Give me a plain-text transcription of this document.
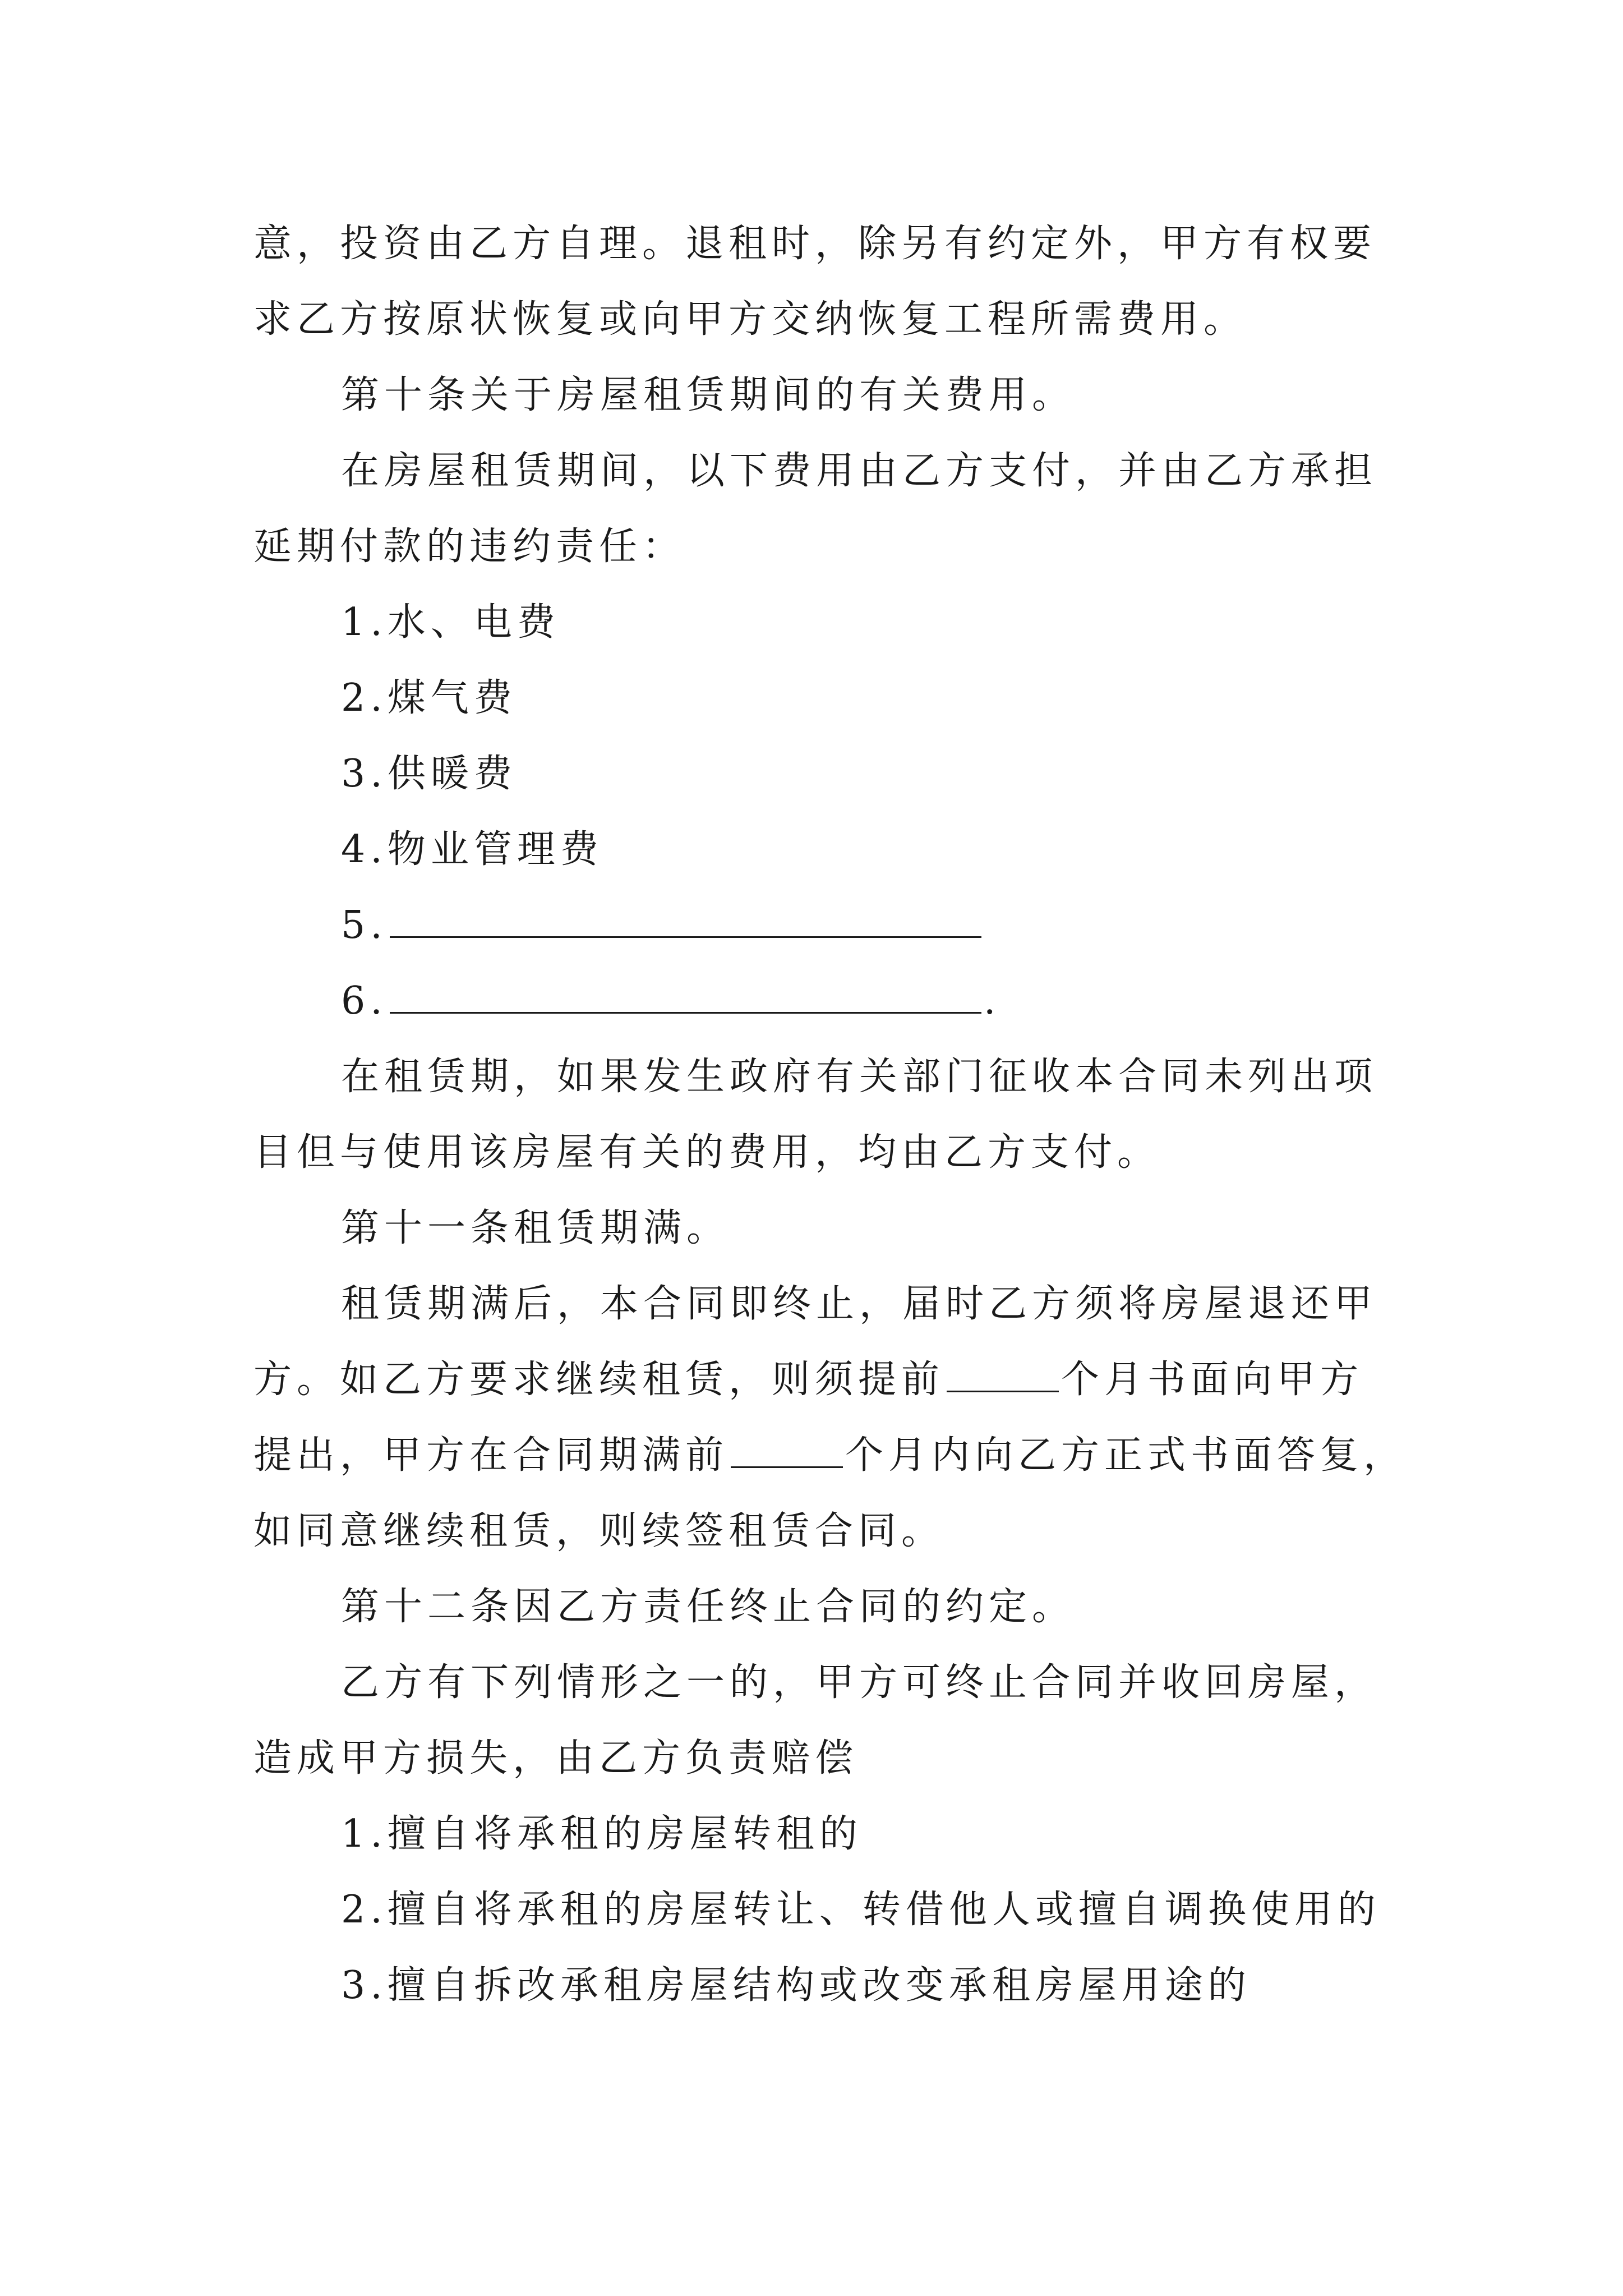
意，投资由乙方自理。退租时，除另有约定外，甲方有权要
求乙方按原状恢复或向甲方交纳恢复工程所需费用。
第十条关于房屋租赁期间的有关费用。
在房屋租赁期间，以下费用由乙方支付，并由乙方承担
延期付款的违约责任：
1.水、电费
2.煤气费
3.供暖费
4.物业管理费
5.
6.	.
在租赁期，如果发生政府有关部门征收本合同未列出项
目但与使用该房屋有关的费用，均由乙方支付。
第十一条租赁期满。
租赁期满后，本合同即终止，届时乙方须将房屋退还甲
方。如乙方要求继续租赁，则须提前	个月书面向甲方
提出，甲方在合同期满前	个月内向乙方正式书面答复，
如同意继续租赁，则续签租赁合同。
第十二条因乙方责任终止合同的约定。
乙方有下列情形之一的，甲方可终止合同并收回房屋，
造成甲方损失，由乙方负责赔偿
1.擅自将承租的房屋转租的
2.擅自将承租的房屋转让、转借他人或擅自调换使用的
3.擅自拆改承租房屋结构或改变承租房屋用途的
